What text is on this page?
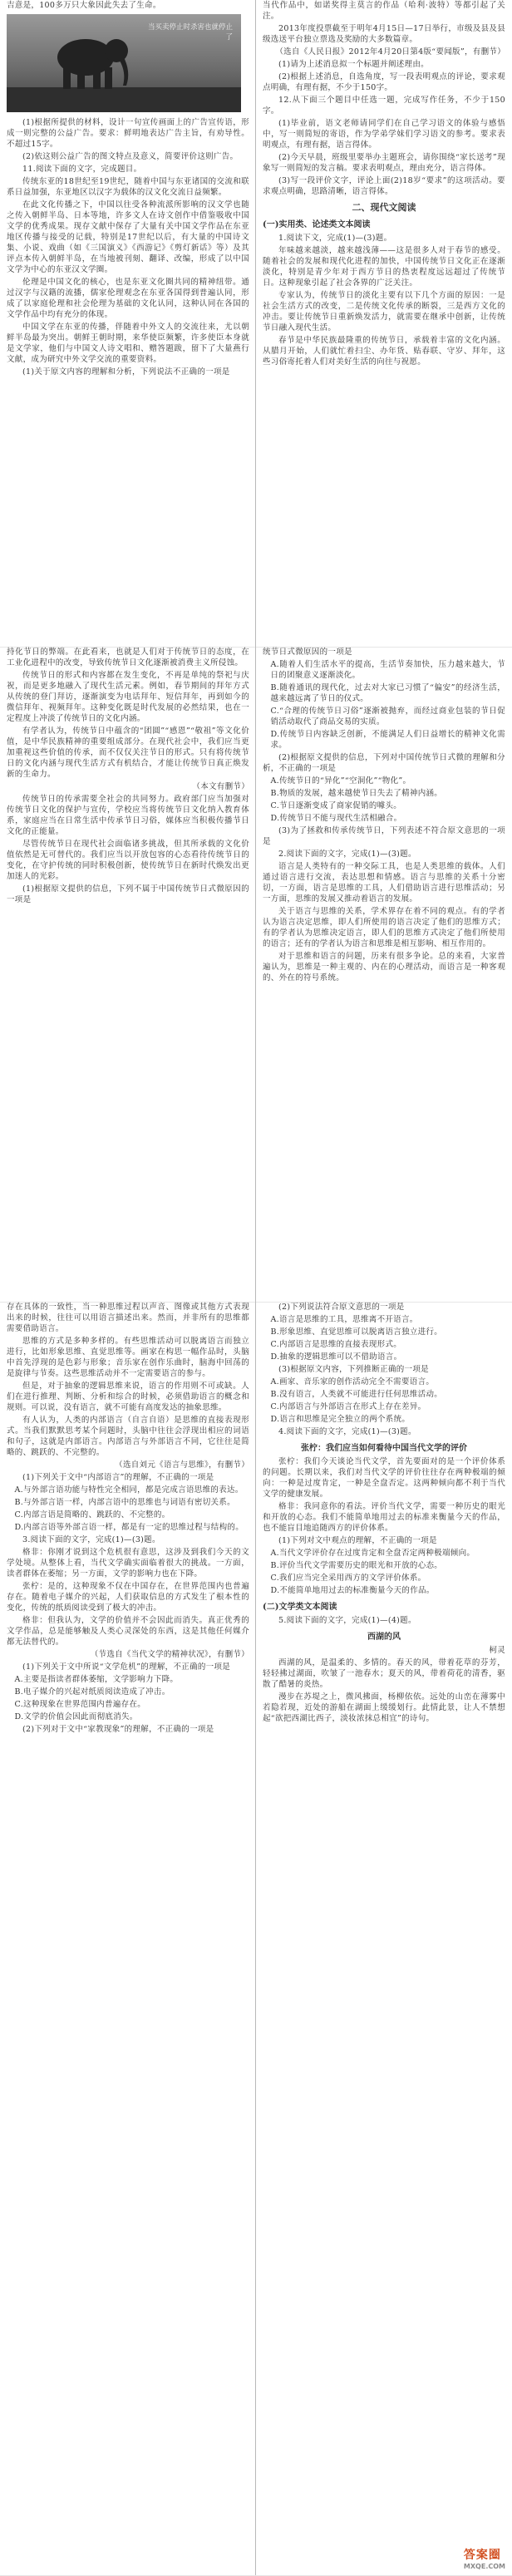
吉意是，100多万只大象因此失去了生命。

当买卖停止时杀害也就停止了

(1)根据所提供的材料，设计一句宣传画面上的广告宣传语，形成一则完整的公益广告。要求：鲜明地表达广告主旨，有劝导性。不超过15字。

(2)依这则公益广告的图文特点及意义，简要评价这则广告。

11.阅读下面的文字，完成题目。

传统东亚的18世纪至19世纪，随着中国与东亚诸国的交流和联系日益加强，东亚地区以汉字为载体的汉文化交流日益频繁。

在此文化传播之下，中国以往受各种流派所影响的汉文学也随之传入朝鲜半岛、日本等地，许多文人在诗文创作中借鉴吸收中国文学的优秀成果。现存文献中保存了大量有关中国文学作品在东亚地区传播与接受的记载，特别是17世纪以后，有大量的中国诗文集、小说、戏曲（如《三国演义》《西游记》《剪灯新话》等）及其评点本传入朝鲜半岛，在当地被刊刻、翻译、改编，形成了以中国文学为中心的东亚汉文学圈。

伦理是中国文化的核心，也是东亚文化圈共同的精神纽带。通过汉字与汉籍的流播，儒家伦理观念在东亚各国得到普遍认同，形成了以家庭伦理和社会伦理为基础的文化认同，这种认同在各国的文学作品中均有充分的体现。

中国文学在东亚的传播，伴随着中外文人的交流往来，尤以朝鲜半岛最为突出。朝鲜王朝时期，来华使臣频繁，许多使臣本身就是文学家，他们与中国文人诗文唱和、赠答题跋，留下了大量燕行文献，成为研究中外文学交流的重要资料。

(1)关于原文内容的理解和分析，下列说法不正确的一项是

当代作品中，如诺奖得主莫言的作品（哈利·波特）等都引起了关注。

2013年度投票截至于明年4月15日—17日举行，市级及县及县级选送平台独立票选及奖励的大多数篇章。

（选自《人民日报》2012年4月20日第4版“要闻版”，有删节）

(1)请为上述消息拟一个标题并阐述理由。

(2)根据上述消息，自选角度，写一段表明观点的评论，要求观点明确，有理有据，不少于150字。

12.从下面三个题目中任选一题，完成写作任务，不少于150字。

(1)毕业前，语文老师请同学们在自己学习语文的体验与感悟中，写一则简短的寄语，作为学弟学妹们学习语文的参考。要求表明观点，有理有据，语言得体。

(2)今天早晨，班级里要举办主题班会，请你围绕“家长送考”现象写一则简短的发言稿。要求表明观点，理由充分，语言得体。

(3)写一段评价文字，评论上面(2)18岁“要求”的这项活动。要求观点明确，思路清晰，语言得体。

二、现代文阅读
(一)实用类、论述类文本阅读

1.阅读下文，完成(1)—(3)题。

年味越来越淡，越来越浅薄——这是很多人对于春节的感受。随着社会的发展和现代化进程的加快，中国传统节日文化正在逐渐淡化，特别是青少年对于西方节日的热衷程度远远超过了传统节日。这种现象引起了社会各界的广泛关注。

专家认为，传统节日的淡化主要有以下几个方面的原因：一是社会生活方式的改变，二是传统文化传承的断裂，三是西方文化的冲击。要让传统节日重新焕发活力，就需要在继承中创新，让传统节日融入现代生活。

春节是中华民族最隆重的传统节日，承载着丰富的文化内涵。从腊月开始，人们就忙着扫尘、办年货、贴春联、守岁、拜年，这些习俗寄托着人们对美好生活的向往与祝愿。

持化节日的弊端。在此看来，也就是人们对于传统节日的态度，在工业化进程中的改变，导致传统节日文化逐渐被消费主义所侵蚀。

传统节日的形式和内容都在发生变化，不再是单纯的祭祀与庆祝，而是更多地融入了现代生活元素。例如，春节期间的拜年方式从传统的登门拜访，逐渐演变为电话拜年、短信拜年，再到如今的微信拜年、视频拜年。这种变化既是时代发展的必然结果，也在一定程度上冲淡了传统节日的文化内涵。

有学者认为，传统节日中蕴含的“团圆”“感恩”“敬祖”等文化价值，是中华民族精神的重要组成部分。在现代社会中，我们应当更加重视这些价值的传承，而不仅仅关注节日的形式。只有将传统节日的文化内涵与现代生活方式有机结合，才能让传统节日真正焕发新的生命力。

（本文有删节）

传统节日的传承需要全社会的共同努力。政府部门应当加强对传统节日文化的保护与宣传，学校应当将传统节日文化纳入教育体系，家庭应当在日常生活中传承节日习俗，媒体应当积极传播节日文化的正能量。

尽管传统节日在现代社会面临诸多挑战，但其所承载的文化价值依然是无可替代的。我们应当以开放包容的心态看待传统节日的变化，在守护传统的同时积极创新，使传统节日在新时代焕发出更加迷人的光彩。

(1)根据原文提供的信息，下列不属于中国传统节日式微原因的一项是

统节日式微原因的一项是

A.随着人们生活水平的提高，生活节奏加快，压力越来越大，节日的团聚意义逐渐淡化。

B.随着通讯的现代化，过去对大家已习惯了“偏安”的经济生活，越来越远离了节日的仪式。

C.“合理的传统节日习俗”逐渐被抛弃，而经过商业包装的节日促销活动取代了商品交易的实质。

D.传统节日内容缺乏创新，不能满足人们日益增长的精神文化需求。

(2)根据原文提供的信息，下列对中国传统节日式微的理解和分析，不正确的一项是

A.传统节日的“异化”“空洞化”“物化”。

B.物质的发展，越来越使节日失去了精神内涵。

C.节日逐渐变成了商家促销的噱头。

D.传统节日不能与现代生活相融合。

(3)为了拯救和传承传统节日，下列表述不符合原文意思的一项是

2.阅读下面的文字，完成(1)—(3)题。

语言是人类特有的一种交际工具，也是人类思维的载体。人们通过语言进行交流，表达思想和情感。语言与思维的关系十分密切，一方面，语言是思维的工具，人们借助语言进行思维活动；另一方面，思维的发展又推动着语言的发展。

关于语言与思维的关系，学术界存在着不同的观点。有的学者认为语言决定思维，即人们所使用的语言决定了他们的思维方式；有的学者认为思维决定语言，即人们的思维方式决定了他们所使用的语言；还有的学者认为语言和思维是相互影响、相互作用的。

对于思维和语言的问题，历来有很多争论。总的来看，大家普遍认为，思维是一种主观的、内在的心理活动，而语言是一种客观的、外在的符号系统。

存在具体的一致性，当一种思维过程以声音、图像或其他方式表现出来的时候，往往可以用语言描述出来。然而，并非所有的思维都需要借助语言。

思维的方式是多种多样的。有些思维活动可以脱离语言而独立进行，比如形象思维、直觉思维等。画家在构思一幅作品时，头脑中首先浮现的是色彩与形象；音乐家在创作乐曲时，脑海中回荡的是旋律与节奏。这些思维活动并不一定需要语言的参与。

但是，对于抽象的逻辑思维来说，语言的作用则不可或缺。人们在进行推理、判断、分析和综合的时候，必须借助语言的概念和规则。可以说，没有语言，就不可能有高度发达的抽象思维。

有人认为，人类的内部语言（自言自语）是思维的直接表现形式。当我们默默思考某个问题时，头脑中往往会浮现出相应的词语和句子，这就是内部语言。内部语言与外部语言不同，它往往是简略的、跳跃的、不完整的。

（选自刘元《语言与思维》，有删节）

(1)下列关于文中“内部语言”的理解，不正确的一项是

A.与外部言语功能与特性完全相同，都是完成言语思维的表达。

B.与外部言语一样，内部言语中的思维也与词语有密切关系。

C.内部言语是简略的、跳跃的、不完整的。

D.内部言语等外部言语一样，都是有一定的思维过程与结构的。

3.阅读下面的文字，完成(1)—(3)题。

格非：你刚才说到这个危机很有意思，这涉及到我们今天的文学处境。从整体上看，当代文学确实面临着很大的挑战。一方面，读者群体在萎缩；另一方面，文学的影响力也在下降。

张柠：是的，这种现象不仅在中国存在，在世界范围内也普遍存在。随着电子媒介的兴起，人们获取信息的方式发生了根本性的变化，传统的纸质阅读受到了极大的冲击。

格非：但我认为，文学的价值并不会因此而消失。真正优秀的文学作品，总是能够触及人类心灵深处的东西，这是其他任何媒介都无法替代的。

（节选自《当代文学的精神状况》，有删节）

(1)下列关于文中所说“文学危机”的理解，不正确的一项是

A.主要是指读者群体萎缩，文学影响力下降。

B.电子媒介的兴起对纸质阅读造成了冲击。

C.这种现象在世界范围内普遍存在。

D.文学的价值会因此而彻底消失。

(2)下列对于文中“家教现象”的理解，不正确的一项是

(2)下列说法符合原文意思的一项是

A.语言是思维的工具，思维离不开语言。

B.形象思维、直觉思维可以脱离语言独立进行。

C.内部语言是思维的直接表现形式。

D.抽象的逻辑思维可以不借助语言。

(3)根据原文内容，下列推断正确的一项是

A.画家、音乐家的创作活动完全不需要语言。

B.没有语言，人类就不可能进行任何思维活动。

C.内部语言与外部语言在形式上存在差异。

D.语言和思维是完全独立的两个系统。

4.阅读下面的文字，完成(1)—(3)题。

张柠：我们应当如何看待中国当代文学的评价

张柠：我们今天谈论当代文学，首先要面对的是一个评价体系的问题。长期以来，我们对当代文学的评价往往存在两种极端的倾向：一种是过度肯定，一种是全盘否定。这两种倾向都不利于当代文学的健康发展。

格非：我同意你的看法。评价当代文学，需要一种历史的眼光和开放的心态。我们不能简单地用过去的标准来衡量今天的作品，也不能盲目地追随西方的评价体系。

(1)下列对文中观点的理解，不正确的一项是

A.当代文学评价存在过度肯定和全盘否定两种极端倾向。

B.评价当代文学需要历史的眼光和开放的心态。

C.我们应当完全采用西方的文学评价体系。

D.不能简单地用过去的标准衡量今天的作品。

(二)文学类文本阅读

5.阅读下面的文字，完成(1)—(4)题。

西湖的风

柯灵

西湖的风，是温柔的、多情的。春天的风，带着花草的芬芳，轻轻拂过湖面，吹皱了一池春水；夏天的风，带着荷花的清香，驱散了酷暑的炎热。

漫步在苏堤之上，微风拂面，杨柳依依。远处的山峦在薄雾中若隐若现，近处的游船在湖面上缓缓划行。此情此景，让人不禁想起“欲把西湖比西子，淡妆浓抹总相宜”的诗句。

答案圈
MXQE.COM
